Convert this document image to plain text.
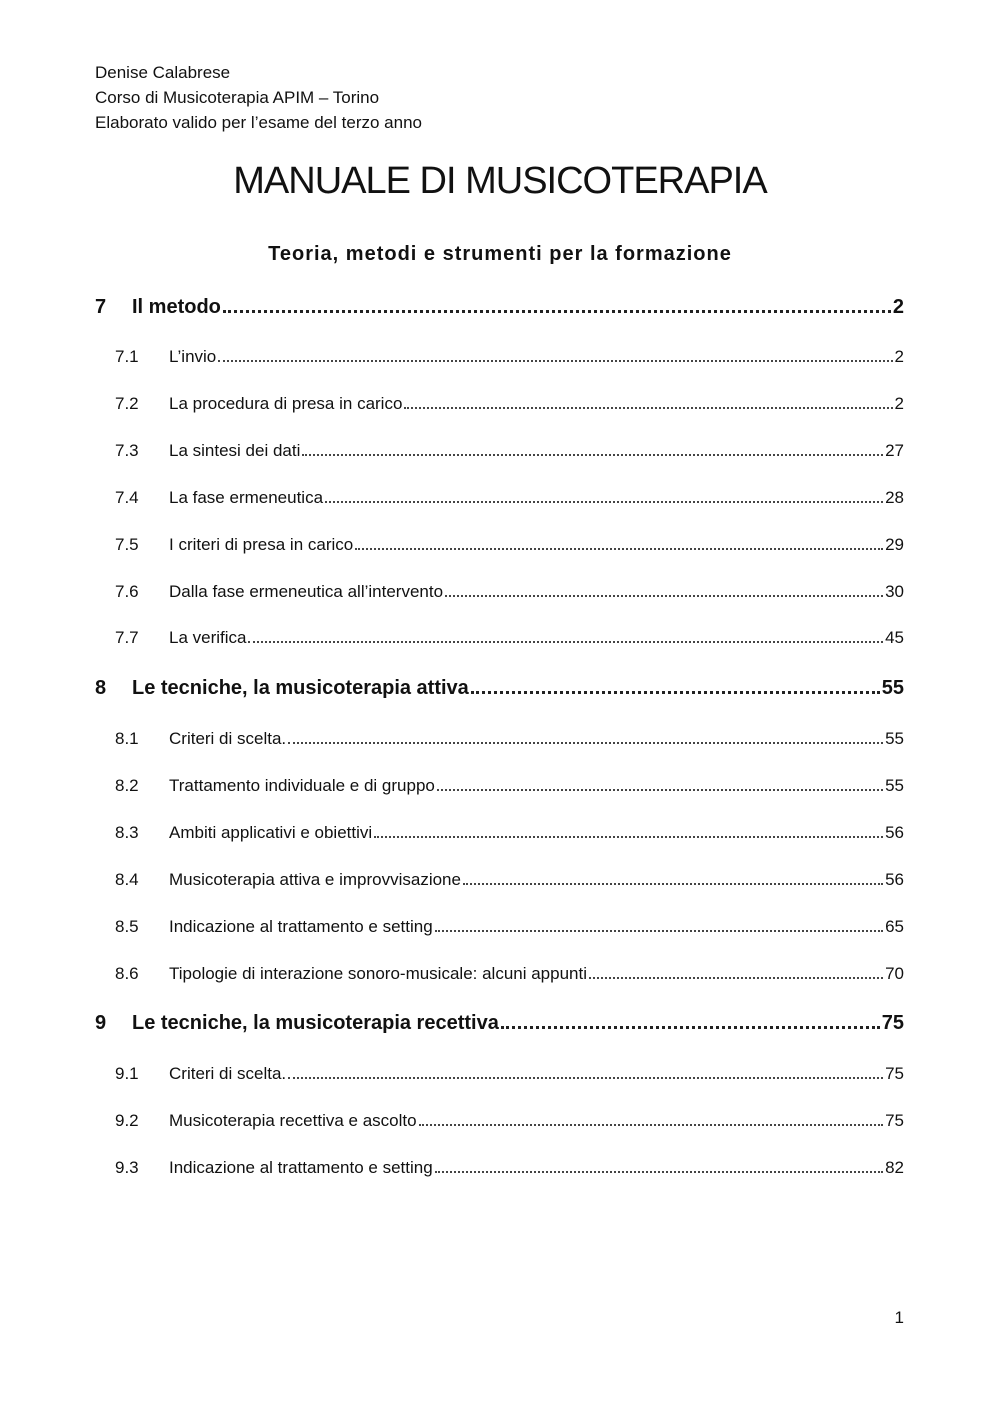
Denise Calabrese
Corso di Musicoterapia APIM – Torino
Elaborato valido per l’esame del terzo anno
MANUALE DI MUSICOTERAPIA
Teoria, metodi e strumenti per la formazione
7	Il metodo	2
7.1	L’invio	2
7.2	La procedura di presa in carico	2
7.3	La sintesi dei dati	27
7.4	La fase ermeneutica	28
7.5	I criteri di presa in carico	29
7.6	Dalla fase ermeneutica all’intervento	30
7.7	La verifica	45
8	Le tecniche, la musicoterapia attiva	55
8.1	Criteri di scelta.	55
8.2	Trattamento individuale e di gruppo	55
8.3	Ambiti applicativi e obiettivi	56
8.4	Musicoterapia attiva e improvvisazione	56
8.5	Indicazione al trattamento e setting	65
8.6	Tipologie di interazione sonoro-musicale: alcuni appunti	70
9	Le tecniche, la musicoterapia recettiva	75
9.1	Criteri di scelta.	75
9.2	Musicoterapia recettiva e ascolto	75
9.3	Indicazione al trattamento e setting	82
1
